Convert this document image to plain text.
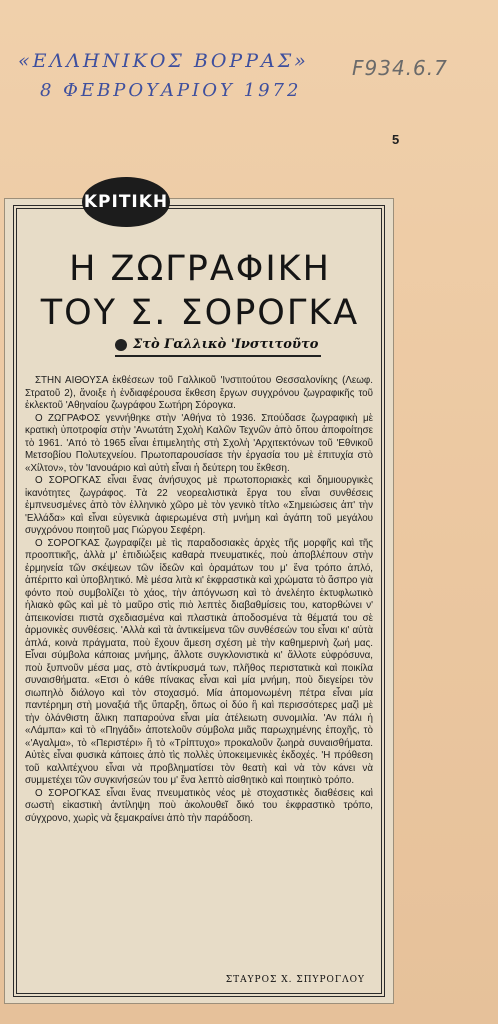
«ΕΛΛΗΝΙΚΟΣ ΒΟΡΡΑΣ» F934.6.7
8 ΦΕΒΡΟΥΑΡΙΟΥ 1972
5
ΚΡΙΤΙΚΗ
Η ΖΩΓΡΑΦΙΚΗ
ΤΟΥ Σ. ΣΟΡΟΓΚΑ
Στὸ Γαλλικὸ 'Ινστιτοῦτο

ΣΤΗΝ ΑΙΘΟΥΣΑ ἐκθέσεων τοῦ Γαλλικοῦ 'Ινστιτούτου Θεσσαλονίκης (Λεωφ. Στρατοῦ 2), ἄνοιξε ἡ ἐνδιαφέρουσα ἔκθεση ἔργων συγχρόνου ζωγραφικῆς τοῦ ἐκλεκτοῦ 'Αθηναίου ζωγράφου Σωτήρη Σόρογκα.

Ο ΖΩΓΡΑΦΟΣ γεννήθηκε στὴν 'Αθήνα τὸ 1936. Σπούδασε ζωγραφικὴ μὲ κρατικὴ ὑποτροφία στὴν 'Ανωτάτη Σχολὴ Καλῶν Τεχνῶν ἀπὸ ὅπου ἀποφοίτησε τὸ 1961. 'Από τὸ 1965 εἶναι ἐπιμελητὴς στὴ Σχολὴ 'Αρχιτεκτόνων τοῦ 'Εθνικοῦ Μετσοβίου Πολυτεχνείου. Πρωτοπαρουσίασε τὴν ἐργασία του μὲ ἐπιτυχία στὸ «Χίλτον», τὸν 'Ιανουάριο καὶ αὐτὴ εἶναι ἡ δεύτερη του ἔκθεση.

Ο ΣΟΡΟΓΚΑΣ εἶναι ἕνας ἀνήσυχος μὲ πρωτοποριακὲς καὶ δημιουργικὲς ἱκανότητες ζωγράφος. Τὰ 22 νεορεαλιστικὰ ἔργα του εἶναι συνθέσεις ἐμπνευσμένες ἀπὸ τὸν ἑλληνικὸ χῶρο μὲ τὸν γενικὸ τίτλο «Σημειώσεις ἀπ' τὴν 'Ελλάδα» καὶ εἶναι εὐγενικὰ ἀφιερωμένα στὴ μνήμη καὶ ἀγάπη τοῦ μεγάλου συγχρόνου ποιητοῦ μας Γιώργου Σεφέρη.

Ο ΣΟΡΟΓΚΑΣ ζωγραφίζει μὲ τὶς παραδοσιακὲς ἀρχὲς τῆς μορφῆς καὶ τῆς προοπτικῆς, ἀλλὰ μ' ἐπιδιώξεις καθαρὰ πνευματικές, ποὺ ἀποβλέπουν στὴν ἑρμηνεία τῶν σκέψεων τῶν ἰδεῶν καὶ ὁραμάτων του μ' ἕνα τρόπο ἁπλό, ἀπέριττο καὶ ὑποβλητικό. Μὲ μέσα λιτὰ κι' ἐκφραστικὰ καὶ χρώματα τὸ ἄσπρο γιὰ φόντο ποὺ συμβολίζει τὸ χάος, τὴν ἀπόγνωση καὶ τὸ ἀνελέητο ἐκτυφλωτικὸ ἡλιακὸ φῶς καὶ μὲ τὸ μαῦρο στὶς πιὸ λεπτὲς διαβαθμίσεις του, κατορθώνει ν' ἀπεικονίσει πιστὰ σχεδιασμένα καὶ πλαστικὰ ἀποδοσμένα τὰ θέματά του σὲ ἁρμονικὲς συνθέσεις. 'Αλλὰ καὶ τὰ ἀντικείμενα τῶν συνθέσεών του εἶναι κι' αὐτὰ ἁπλά, κοινὰ πράγματα, ποὺ ἔχουν ἄμεση σχέση μὲ τὴν καθημερινὴ ζωή μας. Εἶναι σύμβολα κάποιας μνήμης, ἄλλοτε συγκλονιστικὰ κι' ἄλλοτε εὐφρόσυνα, ποὺ ξυπνοῦν μέσα μας, στὸ ἀντίκρυσμά των, πλῆθος περιστατικὰ καὶ ποικίλα συναισθήματα. «Ετσι ὁ κάθε πίνακας εἶναι καὶ μία μνήμη, ποὺ διεγείρει τὸν σιωπηλὸ διάλογο καὶ τὸν στοχασμό. Μία ἀπομονωμένη πέτρα εἶναι μία παντέρημη στὴ μοναξιά τῆς ὕπαρξη, ὅπως οἱ δύο ἢ καὶ περισσότερες μαζὶ μὲ τὴν ὁλάνθιστη ἄλικη παπαρούνα εἶναι μία ἀτέλειωτη συνομιλία. 'Αν πάλι ἡ «Λάμπα» καὶ τὸ «Πηγάδι» ἀποτελοῦν σύμβολα μιᾶς παρωχημένης ἐποχῆς, τὸ «'Αγαλμα», τὸ «Περιστέρι» ἢ τὸ «Τρίπτυχο» προκαλοῦν ζωηρὰ συναισθήματα. Αὐτὲς εἶναι φυσικὰ κάποιες ἀπὸ τὶς πολλὲς ὑποκειμενικὲς ἐκδοχές. 'Η πρόθεση τοῦ καλλιτέχνου εἶναι νὰ προβληματίσει τὸν θεατὴ καὶ νὰ τὸν κάνει νὰ συμμετέχει τῶν συγκινήσεών του μ' ἕνα λεπτὸ αἰσθητικὸ καὶ ποιητικὸ τρόπο.

Ο ΣΟΡΟΓΚΑΣ εἶναι ἕνας πνευματικὸς νέος μὲ στοχαστικὲς διαθέσεις καὶ σωστὴ εἰκαστικὴ ἀντίληψη ποὺ ἀκολουθεῖ δικό του ἐκφραστικὸ τρόπο, σύγχρονο, χωρὶς νὰ ξεμακραίνει ἀπὸ τὴν παράδοση.

ΣΤΑΥΡΟΣ Χ. ΣΠΥΡΟΓΛΟΥ
